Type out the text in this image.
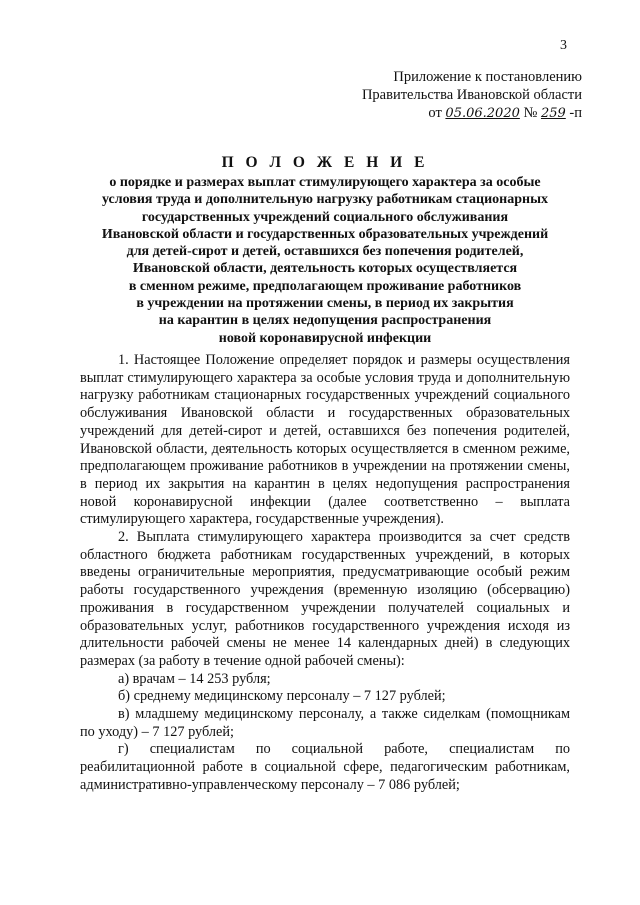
3
Приложение к постановлению
Правительства Ивановской области
от 05.06.2020 № 259 -п
П О Л О Ж Е Н И Е
о порядке и размерах выплат стимулирующего характера за особые
условия труда и дополнительную нагрузку работникам стационарных
государственных учреждений социального обслуживания
Ивановской области и государственных образовательных учреждений
для детей-сирот и детей, оставшихся без попечения родителей,
Ивановской области, деятельность которых осуществляется
в сменном режиме, предполагающем проживание работников
в учреждении на протяжении смены, в период их закрытия
на карантин в целях недопущения распространения
новой коронавирусной инфекции

1. Настоящее Положение определяет порядок и размеры осуществления выплат стимулирующего характера за особые условия труда и дополнительную нагрузку работникам стационарных государственных учреждений социального обслуживания Ивановской области и государственных образовательных учреждений для детей-сирот и детей, оставшихся без попечения родителей, Ивановской области, деятельность которых осуществляется в сменном режиме, предполагающем проживание работников в учреждении на протяжении смены, в период их закрытия на карантин в целях недопущения распространения новой коронавирусной инфекции (далее соответственно – выплата стимулирующего характера, государственные учреждения).

2. Выплата стимулирующего характера производится за счет средств областного бюджета работникам государственных учреждений, в которых введены ограничительные мероприятия, предусматривающие особый режим работы государственного учреждения (временную изоляцию (обсервацию) проживания в государственном учреждении получателей социальных и образовательных услуг, работников государственного учреждения исходя из длительности рабочей смены не менее 14 календарных дней) в следующих размерах (за работу в течение одной рабочей смены):

а) врачам – 14 253 рубля;

б) среднему медицинскому персоналу – 7 127 рублей;

в) младшему медицинскому персоналу, а также сиделкам (помощникам по уходу) – 7 127 рублей;

г) специалистам по социальной работе, специалистам по реабилитационной работе в социальной сфере, педагогическим работникам, административно-управленческому персоналу – 7 086 рублей;
